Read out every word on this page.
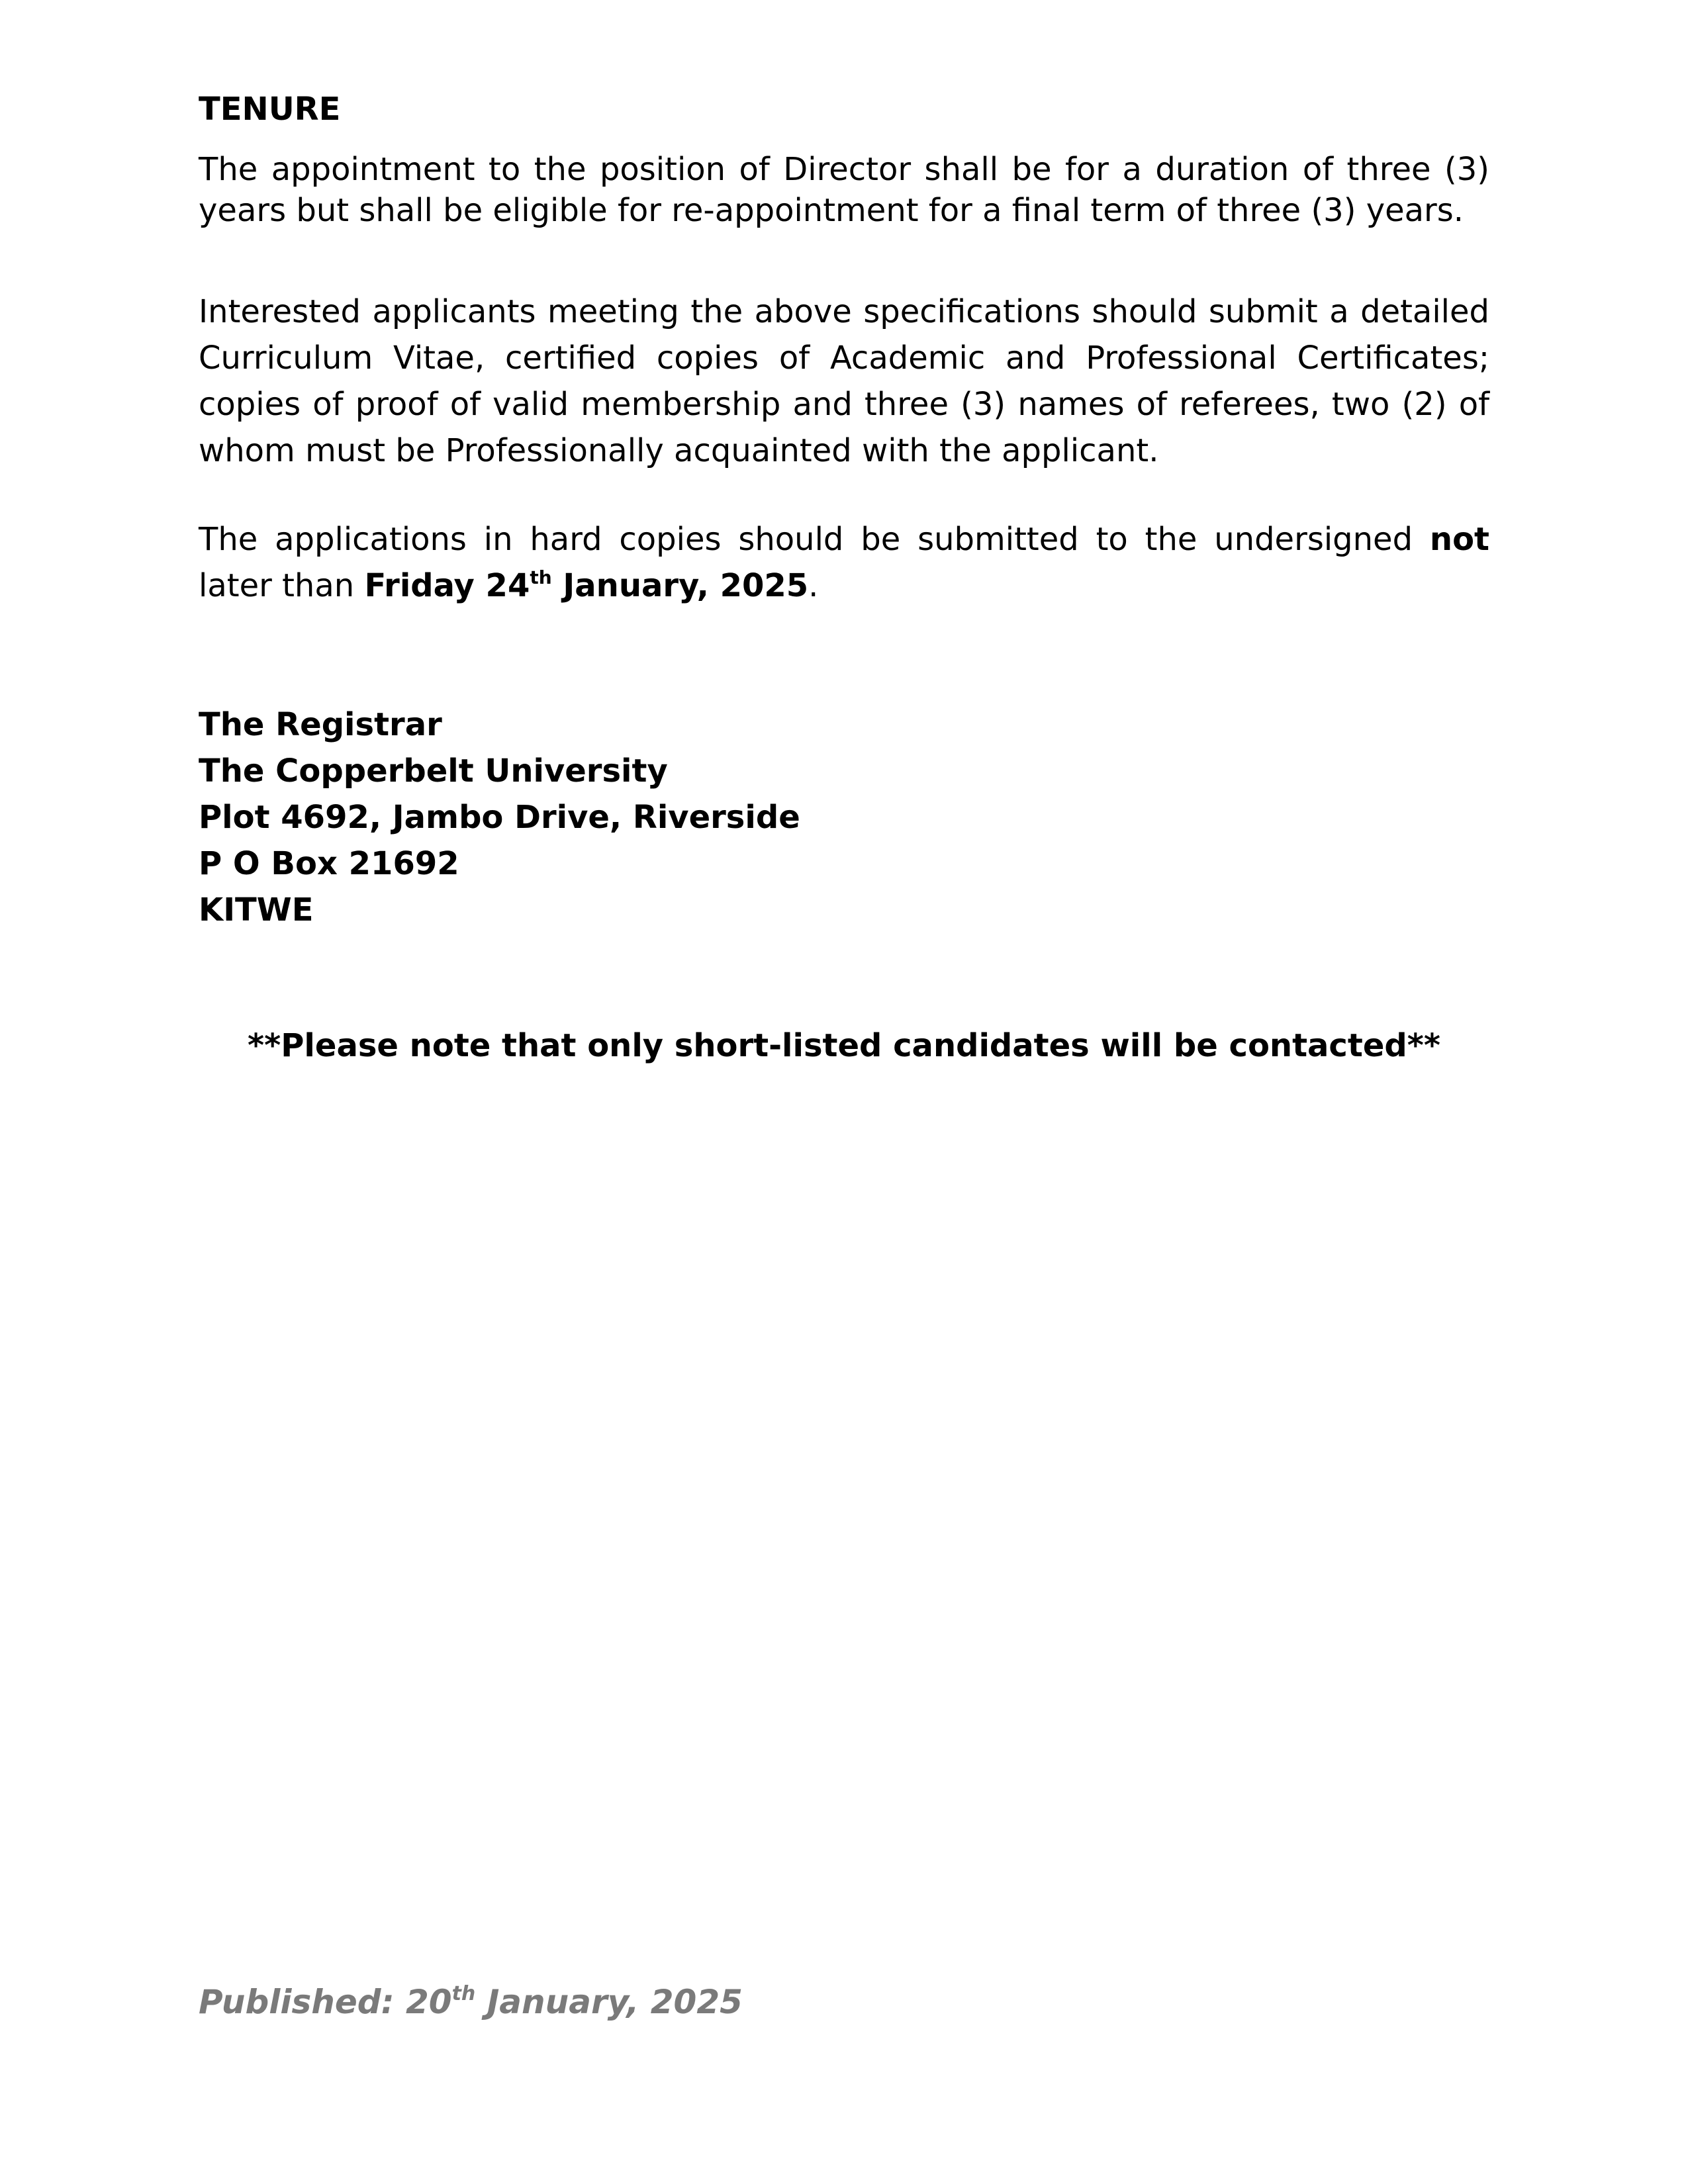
TENURE
The appointment to the position of Director shall be for a duration of three (3) years but shall be eligible for re-appointment for a final term of three (3) years.
Interested applicants meeting the above specifications should submit a detailed Curriculum Vitae, certified copies of Academic and Professional Certificates; copies of proof of valid membership and three (3) names of referees, two (2) of whom must be Professionally acquainted with the applicant.
The applications in hard copies should be submitted to the undersigned not later than Friday 24th January, 2025.
The Registrar
The Copperbelt University
Plot 4692, Jambo Drive, Riverside
P O Box 21692
KITWE
**Please note that only short-listed candidates will be contacted**
Published: 20th January, 2025
